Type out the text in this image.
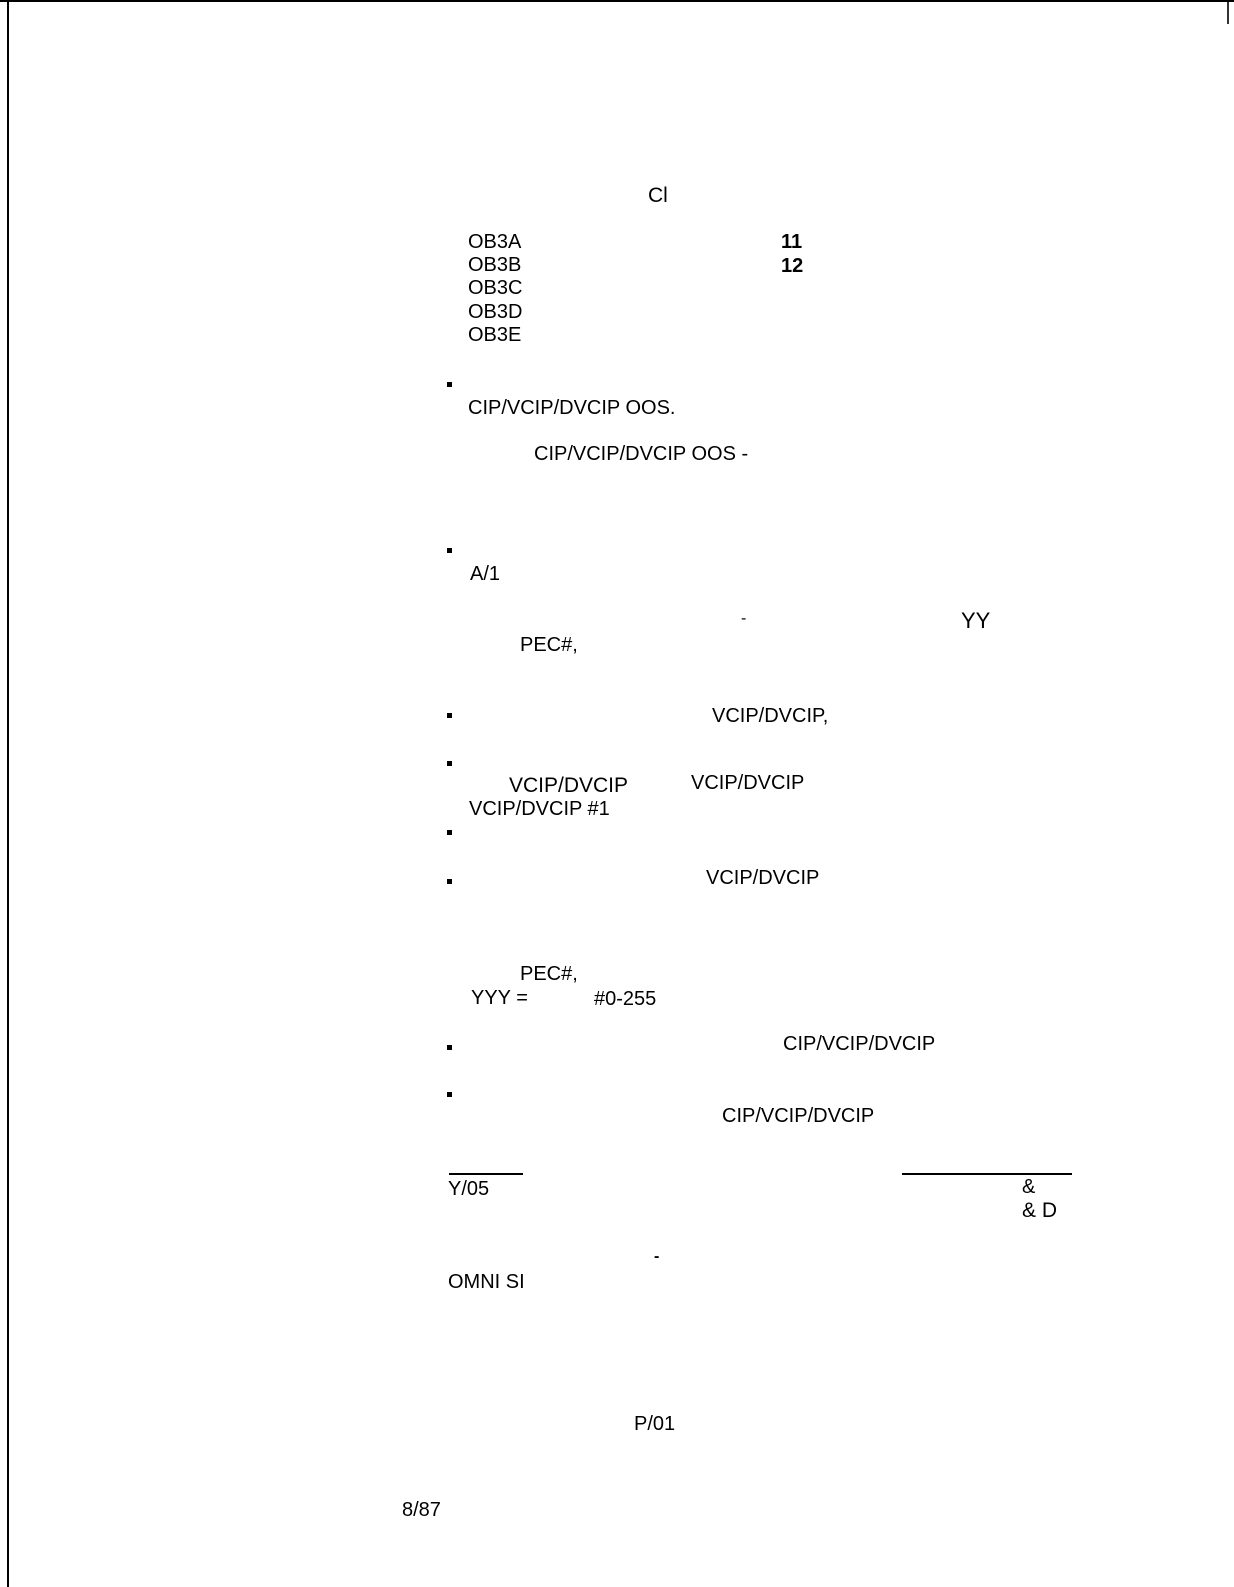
Cl
OB3A	11
OB3B	12
OB3C
OB3D
OB3E
CIP/VCIP/DVCIP OOS.
CIP/VCIP/DVCIP OOS -
A/1
-	YY
PEC#,
VCIP/DVCIP,
VCIP/DVCIP	VCIP/DVCIP
VCIP/DVCIP #1
VCIP/DVCIP
PEC#,
YYY =	#0-255
CIP/VCIP/DVCIP
CIP/VCIP/DVCIP
Y/05	&
& D
-
OMNI SI
P/01
8/87
